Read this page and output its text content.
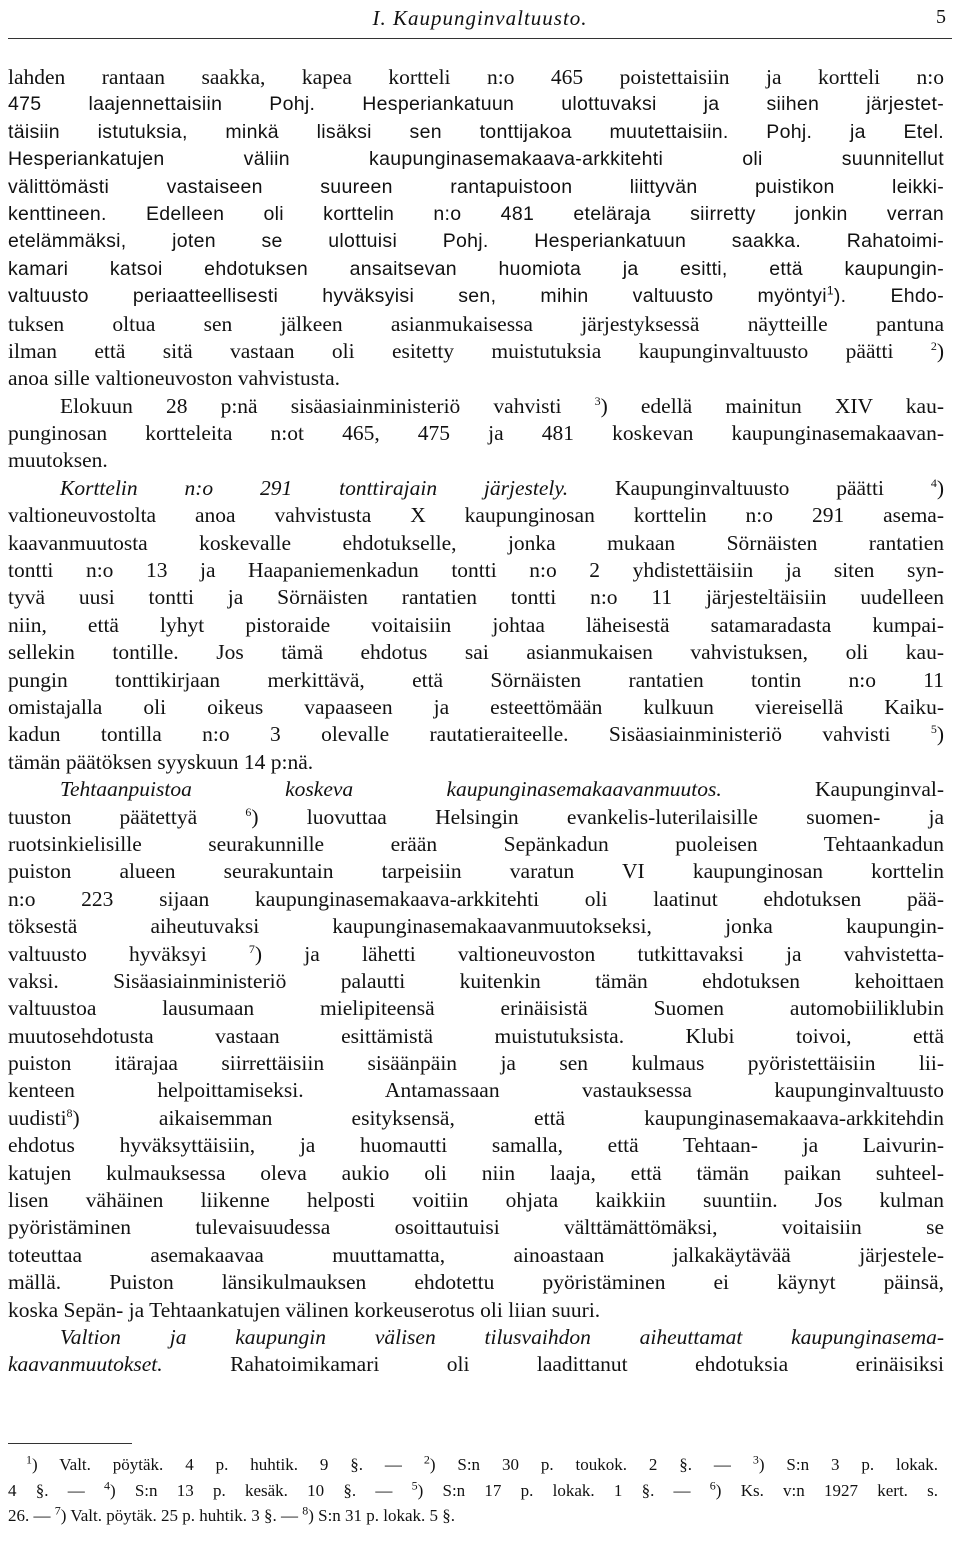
I. Kaupunginvaltuusto.	5
lahden rantaan saakka, kapea kortteli n:o 465 poistettaisiin ja kortteli n:o
475 laajennettaisiin Pohj. Hesperiankatuun ulottuvaksi ja siihen järjestet-
täisiin istutuksia, minkä lisäksi sen tonttijakoa muutettaisiin. Pohj. ja Etel.
Hesperiankatujen väliin kaupunginasemakaava-arkkitehti oli suunnitellut
välittömästi vastaiseen suureen rantapuistoon liittyvän puistikon leikki-
kenttineen. Edelleen oli korttelin n:o 481 eteläraja siirretty jonkin verran
etelämmäksi, joten se ulottuisi Pohj. Hesperiankatuun saakka. Rahatoimi-
kamari katsoi ehdotuksen ansaitsevan huomiota ja esitti, että kaupungin-
valtuusto periaatteellisesti hyväksyisi sen, mihin valtuusto myöntyi$^1$). Ehdo-
tuksen oltua sen jälkeen asianmukaisessa järjestyksessä näytteille pantuna
ilman että sitä vastaan oli esitetty muistutuksia kaupunginvaltuusto päätti	$^2$)
anoa sille valtioneuvoston vahvistusta.
Elokuun 28 p:nä sisäasiainministeriö vahvisti	$^3$) edellä mainitun XIV kau-
punginosan kortteleita n:ot 465, 475 ja 481 koskevan kaupunginasemakaavan-
muutoksen.
Korttelin n:o 291 tonttirajain järjestely. Kaupunginvaltuusto päätti	$^4$)
valtioneuvostolta anoa vahvistusta X kaupunginosan korttelin n:o 291 asema-
kaavanmuutosta koskevalle ehdotukselle, jonka mukaan Sörnäisten rantatien
tontti n:o 13 ja Haapaniemenkadun tontti n:o 2 yhdistettäisiin ja siten syn-
tyvä uusi tontti ja Sörnäisten rantatien tontti n:o 11 järjesteltäisiin uudelleen
niin, että lyhyt pistoraide voitaisiin johtaa läheisestä satamaradasta kumpai-
sellekin tontille. Jos tämä ehdotus sai asianmukaisen vahvistuksen, oli kau-
pungin tonttikirjaan merkittävä, että Sörnäisten rantatien tontin n:o 11
omistajalla oli oikeus vapaaseen ja esteettömään kulkuun viereisellä Kaiku-
kadun tontilla n:o 3 olevalle rautatieraiteelle. Sisäasiainministeriö vahvisti	$^5$)
tämän päätöksen syyskuun 14 p:nä.
Tehtaanpuistoa koskeva kaupunginasemakaavanmuutos. Kaupunginval-
tuuston päätettyä	$^6$) luovuttaa Helsingin evankelis-luterilaisille suomen- ja
ruotsinkielisille seurakunnille erään Sepänkadun puoleisen Tehtaankadun
puiston alueen seurakuntain tarpeisiin varatun VI kaupunginosan korttelin
n:o 223 sijaan kaupunginasemakaava-arkkitehti oli laatinut ehdotuksen pää-
töksestä aiheutuvaksi kaupunginasemakaavanmuutokseksi, jonka kaupungin-
valtuusto hyväksyi	$^7$) ja lähetti valtioneuvoston tutkittavaksi ja vahvistetta-
vaksi. Sisäasiainministeriö palautti kuitenkin tämän ehdotuksen kehoittaen
valtuustoa lausumaan mielipiteensä erinäisistä Suomen automobiiliklubin
muutosehdotusta vastaan esittämistä muistutuksista. Klubi toivoi, että
puiston itärajaa siirrettäisiin sisäänpäin ja sen kulmaus pyöristettäisiin lii-
kenteen helpoittamiseksi. Antamassaan vastauksessa kaupunginvaltuusto
uudisti$^8$) aikaisemman esityksensä, että kaupunginasemakaava-arkkitehdin
ehdotus hyväksyttäisiin, ja huomautti samalla, että Tehtaan- ja Laivurin-
katujen kulmauksessa oleva aukio oli niin laaja, että tämän paikan suhteel-
lisen vähäinen liikenne helposti voitiin ohjata kaikkiin suuntiin. Jos kulman
pyöristäminen tulevaisuudessa osoittautuisi välttämättömäksi, voitaisiin se
toteuttaa asemakaavaa muuttamatta, ainoastaan jalkakäytävää järjestele-
mällä. Puiston länsikulmauksen ehdotettu pyöristäminen ei käynyt päinsä,
koska Sepän- ja Tehtaankatujen välinen korkeuserotus oli liian suuri.
Valtion ja kaupungin välisen tilusvaihdon aiheuttamat kaupunginasema-
kaavanmuutokset. Rahatoimikamari oli laadittanut ehdotuksia erinäisiksi
$^1$) Valt. pöytäk. 4 p. huhtik. 9 §. — $^2$) S:n 30 p. toukok. 2 §. — $^3$) S:n 3 p. lokak.
4 §. — $^4$) S:n 13 p. kesäk. 10 §. — $^5$) S:n 17 p. lokak. 1 §. — $^6$) Ks. v:n 1927 kert. s.
26. — $^7$) Valt. pöytäk. 25 p. huhtik. 3 §. — $^8$) S:n 31 p. lokak. 5 §.
